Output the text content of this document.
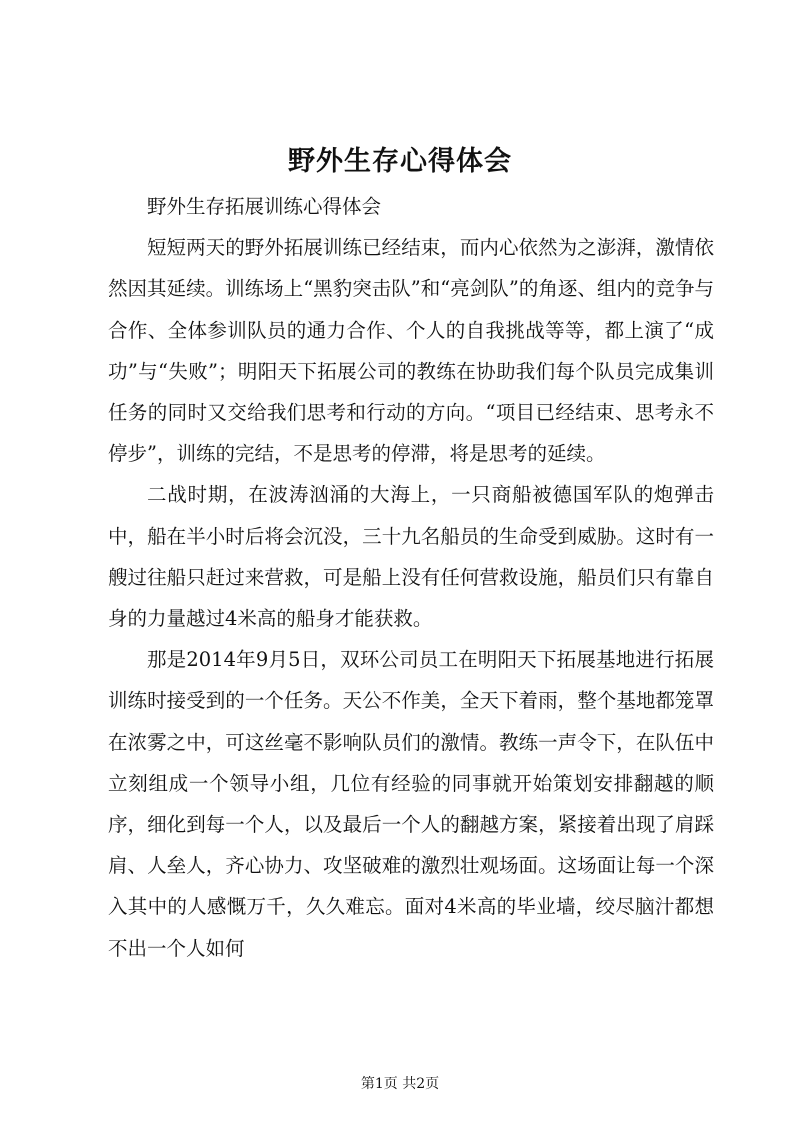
野外生存心得体会

野外生存拓展训练心得体会

短短两天的野外拓展训练已经结束，而内心依然为之澎湃，激情依然因其延续。训练场上“黑豹突击队”和“亮剑队”的角逐、组内的竞争与合作、全体参训队员的通力合作、个人的自我挑战等等，都上演了“成功”与“失败”；明阳天下拓展公司的教练在协助我们每个队员完成集训任务的同时又交给我们思考和行动的方向。“项目已经结束、思考永不停步”，训练的完结，不是思考的停滞，将是思考的延续。

二战时期，在波涛汹涌的大海上，一只商船被德国军队的炮弹击中，船在半小时后将会沉没，三十九名船员的生命受到威胁。这时有一艘过往船只赶过来营救，可是船上没有任何营救设施，船员们只有靠自身的力量越过4米高的船身才能获救。

那是2014年9月5日，双环公司员工在明阳天下拓展基地进行拓展训练时接受到的一个任务。天公不作美，全天下着雨，整个基地都笼罩在浓雾之中，可这丝毫不影响队员们的激情。教练一声令下，在队伍中立刻组成一个领导小组，几位有经验的同事就开始策划安排翻越的顺序，细化到每一个人，以及最后一个人的翻越方案，紧接着出现了肩踩肩、人垒人，齐心协力、攻坚破难的激烈壮观场面。这场面让每一个深入其中的人感慨万千，久久难忘。面对4米高的毕业墙，绞尽脑汁都想不出一个人如何

第1页 共2页
